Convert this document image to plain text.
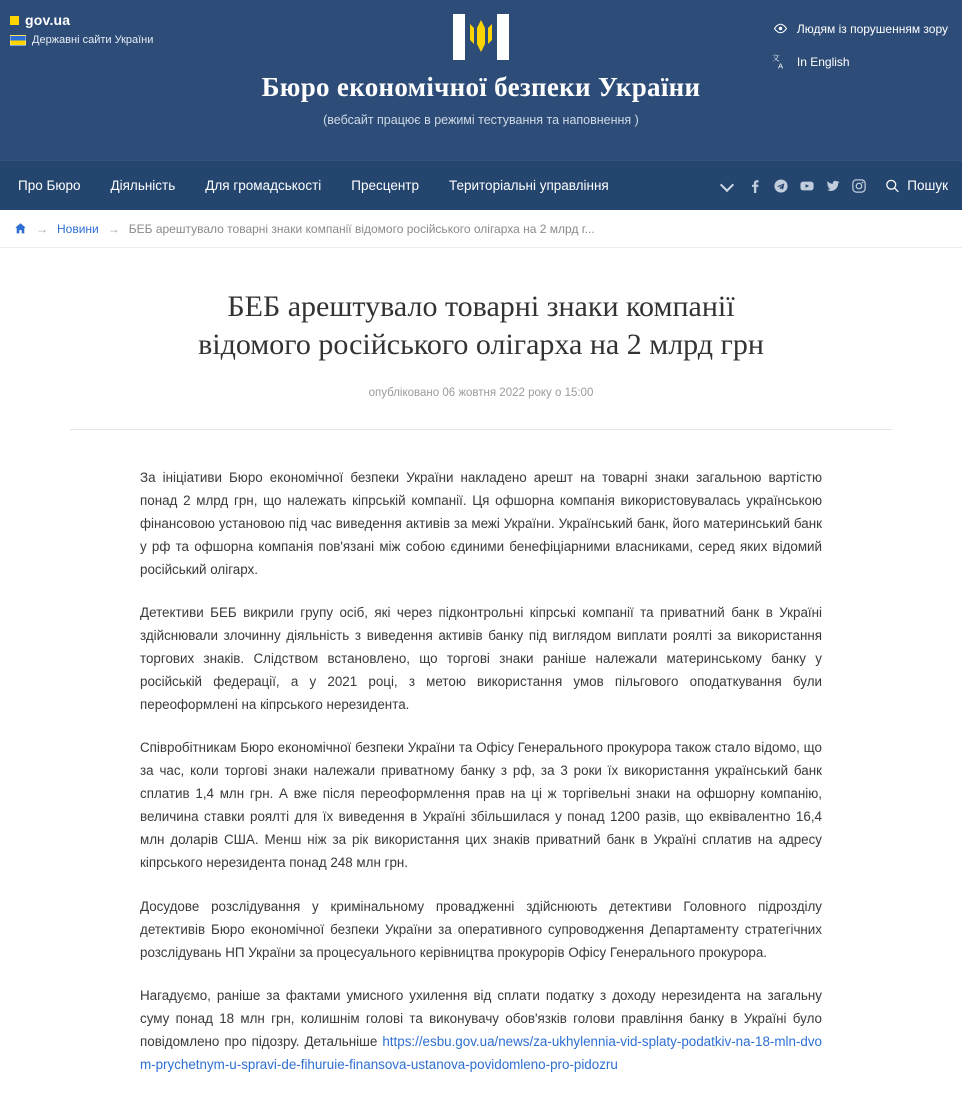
gov.ua
Державні сайти України
Бюро економічної безпеки України
(вебсайт працює в режимі тестування та наповнення )
Людям із порушенням зору
文
A In English
Про Бюро Діяльність Для громадськості Пресцентр Територіальні управління	Пошук
→ Новини → БЕБ арештувало товарні знаки компанії відомого російського олігарха на 2 млрд г...
БЕБ арештувало товарні знаки компанії відомого російського олігарха на 2 млрд грн
опубліковано 06 жовтня 2022 року о 15:00

За ініціативи Бюро економічної безпеки України накладено арешт на товарні знаки загальною вартістю понад 2 млрд грн, що належать кіпрській компанії. Ця офшорна компанія використовувалась українською фінансовою установою під час виведення активів за межі України. Український банк, його материнський банк у рф та офшорна компанія пов'язані між собою єдиними бенефіціарними власниками, серед яких відомий російський олігарх.

Детективи БЕБ викрили групу осіб, які через підконтрольні кіпрські компанії та приватний банк в Україні здійснювали злочинну діяльність з виведення активів банку під виглядом виплати роялті за використання торгових знаків. Слідством встановлено, що торгові знаки раніше належали материнському банку у російській федерації, а у 2021 році, з метою використання умов пільгового оподаткування були переоформлені на кіпрського нерезидента.

Співробітникам Бюро економічної безпеки України та Офісу Генерального прокурора також стало відомо, що за час, коли торгові знаки належали приватному банку з рф, за 3 роки їх використання український банк сплатив 1,4 млн грн. А вже після переоформлення прав на ці ж торгівельні знаки на офшорну компанію, величина ставки роялті для їх виведення в Україні збільшилася у понад 1200 разів, що еквівалентно 16,4 млн доларів США. Менш ніж за рік використання цих знаків приватний банк в Україні сплатив на адресу кіпрського нерезидента понад 248 млн грн.

Досудове розслідування у кримінальному провадженні здійснюють детективи Головного підрозділу детективів Бюро економічної безпеки України за оперативного супроводження Департаменту стратегічних розслідувань НП України за процесуального керівництва прокурорів Офісу Генерального прокурора.

Нагадуємо, раніше за фактами умисного ухилення від сплати податку з доходу нерезидента на загальну суму понад 18 млн грн, колишнім голові та виконувачу обов'язків голови правління банку в Україні було повідомлено про підозру. Детальніше https://esbu.gov.ua/news/za-ukhylennia-vid-splaty-podatkiv-na-18-mln-dvom-prychetnym-u-spravi-de-fihuruie-finansova-ustanova-povidomleno-pro-pidozru
